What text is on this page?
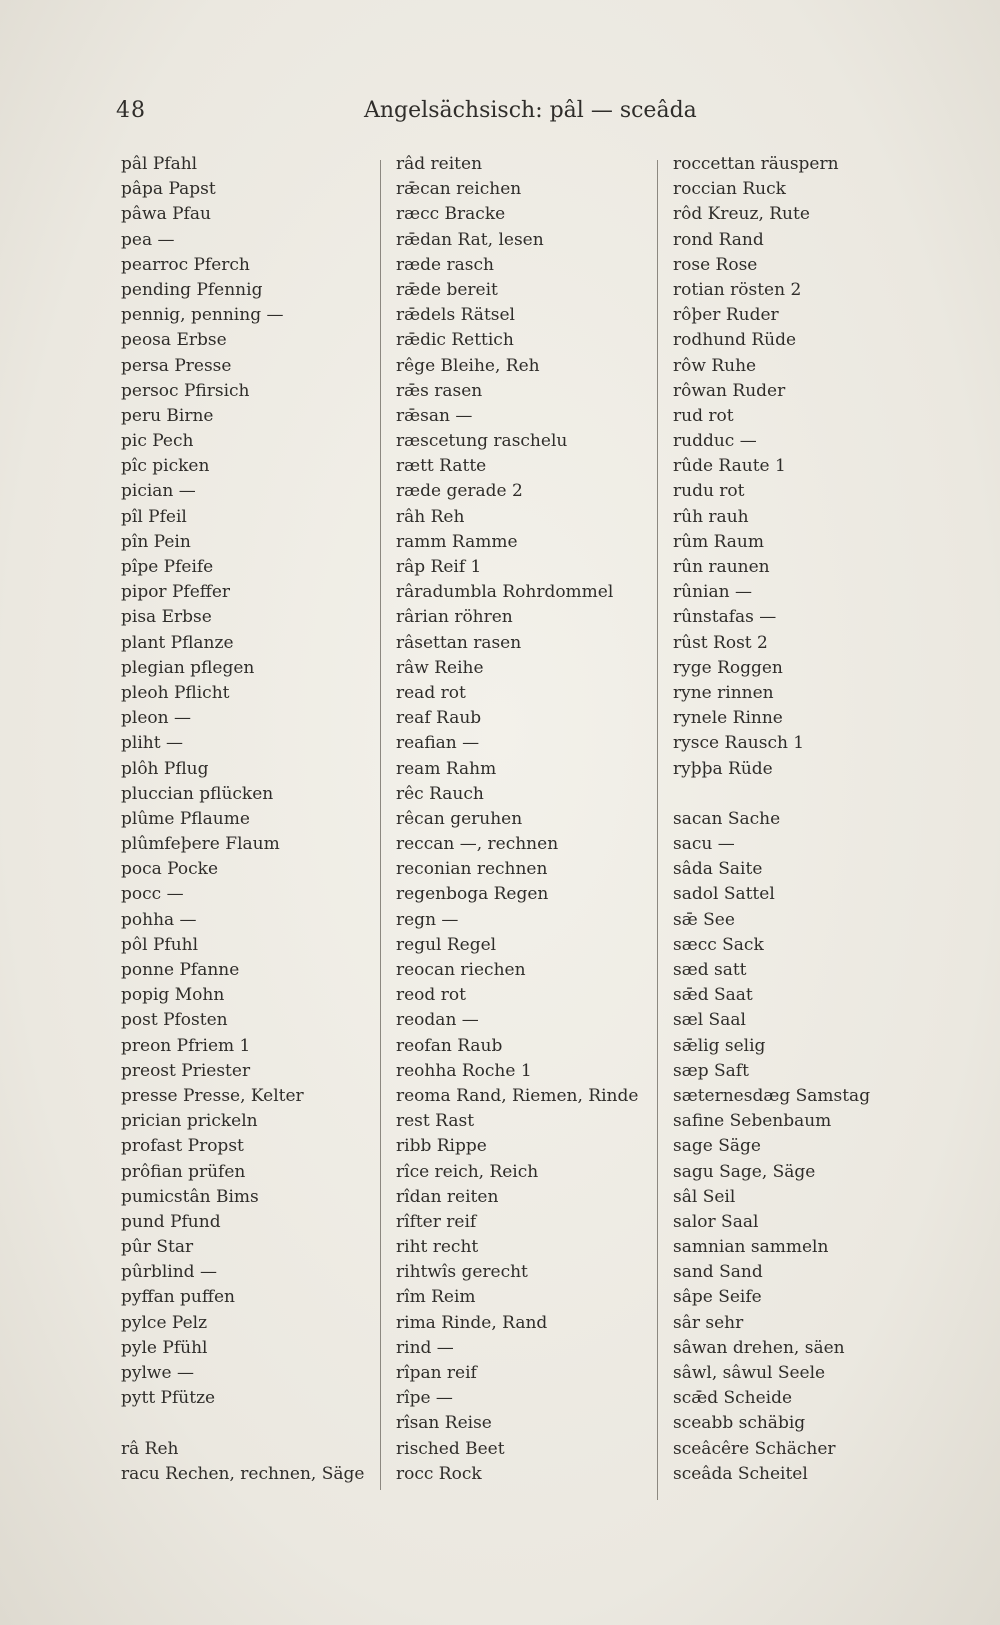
48	Angelsächsisch: pâl — sceâda
pâl Pfahl
pâpa Papst
pâwa Pfau
pea —
pearroc Pferch
pending Pfennig
pennig, penning —
peosa Erbse
persa Presse
persoc Pfirsich
peru Birne
pic Pech
pîc picken
pician —
pîl Pfeil
pîn Pein
pîpe Pfeife
pipor Pfeffer
pisa Erbse
plant Pflanze
plegian pflegen
pleoh Pflicht
pleon —
pliht —
plôh Pflug
pluccian pflücken
plûme Pflaume
plûmfeþere Flaum
poca Pocke
pocc —
pohha —
pôl Pfuhl
ponne Pfanne
popig Mohn
post Pfosten
preon Pfriem 1
preost Priester
presse Presse, Kelter
prician prickeln
profast Propst
prôfian prüfen
pumicstân Bims
pund Pfund
pûr Star
pûrblind —
pyffan puffen
pylce Pelz
pyle Pfühl
pylwe —
pytt Pfütze
râ Reh
racu Rechen, rechnen, Säge
râd reiten
rǣcan reichen
ræcc Bracke
rǣdan Rat, lesen
ræde rasch
rǣde bereit
rǣdels Rätsel
rǣdic Rettich
rêge Bleihe, Reh
rǣs rasen
rǣsan —
ræscetung raschelu
rætt Ratte
ræde gerade 2
râh Reh
ramm Ramme
râp Reif 1
râradumbla Rohrdommel
rârian röhren
râsettan rasen
râw Reihe
read rot
reaf Raub
reafian —
ream Rahm
rêc Rauch
rêcan geruhen
reccan —, rechnen
reconian rechnen
regenboga Regen
regn —
regul Regel
reocan riechen
reod rot
reodan —
reofan Raub
reohha Roche 1
reoma Rand, Riemen, Rinde
rest Rast
ribb Rippe
rîce reich, Reich
rîdan reiten
rîfter reif
riht recht
rihtwîs gerecht
rîm Reim
rima Rinde, Rand
rind —
rîpan reif
rîpe —
rîsan Reise
risched Beet
rocc Rock
roccettan räuspern
roccian Ruck
rôd Kreuz, Rute
rond Rand
rose Rose
rotian rösten 2
rôþer Ruder
rodhund Rüde
rôw Ruhe
rôwan Ruder
rud rot
rudduc —
rûde Raute 1
rudu rot
rûh rauh
rûm Raum
rûn raunen
rûnian —
rûnstafas —
rûst Rost 2
ryge Roggen
ryne rinnen
rynele Rinne
rysce Rausch 1
ryþþa Rüde
sacan Sache
sacu —
sâda Saite
sadol Sattel
sǣ See
sæcc Sack
sæd satt
sǣd Saat
sæl Saal
sǣlig selig
sæp Saft
sæternesdæg Samstag
safine Sebenbaum
sage Säge
sagu Sage, Säge
sâl Seil
salor Saal
samnian sammeln
sand Sand
sâpe Seife
sâr sehr
sâwan drehen, säen
sâwl, sâwul Seele
scǣd Scheide
sceabb schäbig
sceâcêre Schächer
sceâda Scheitel
